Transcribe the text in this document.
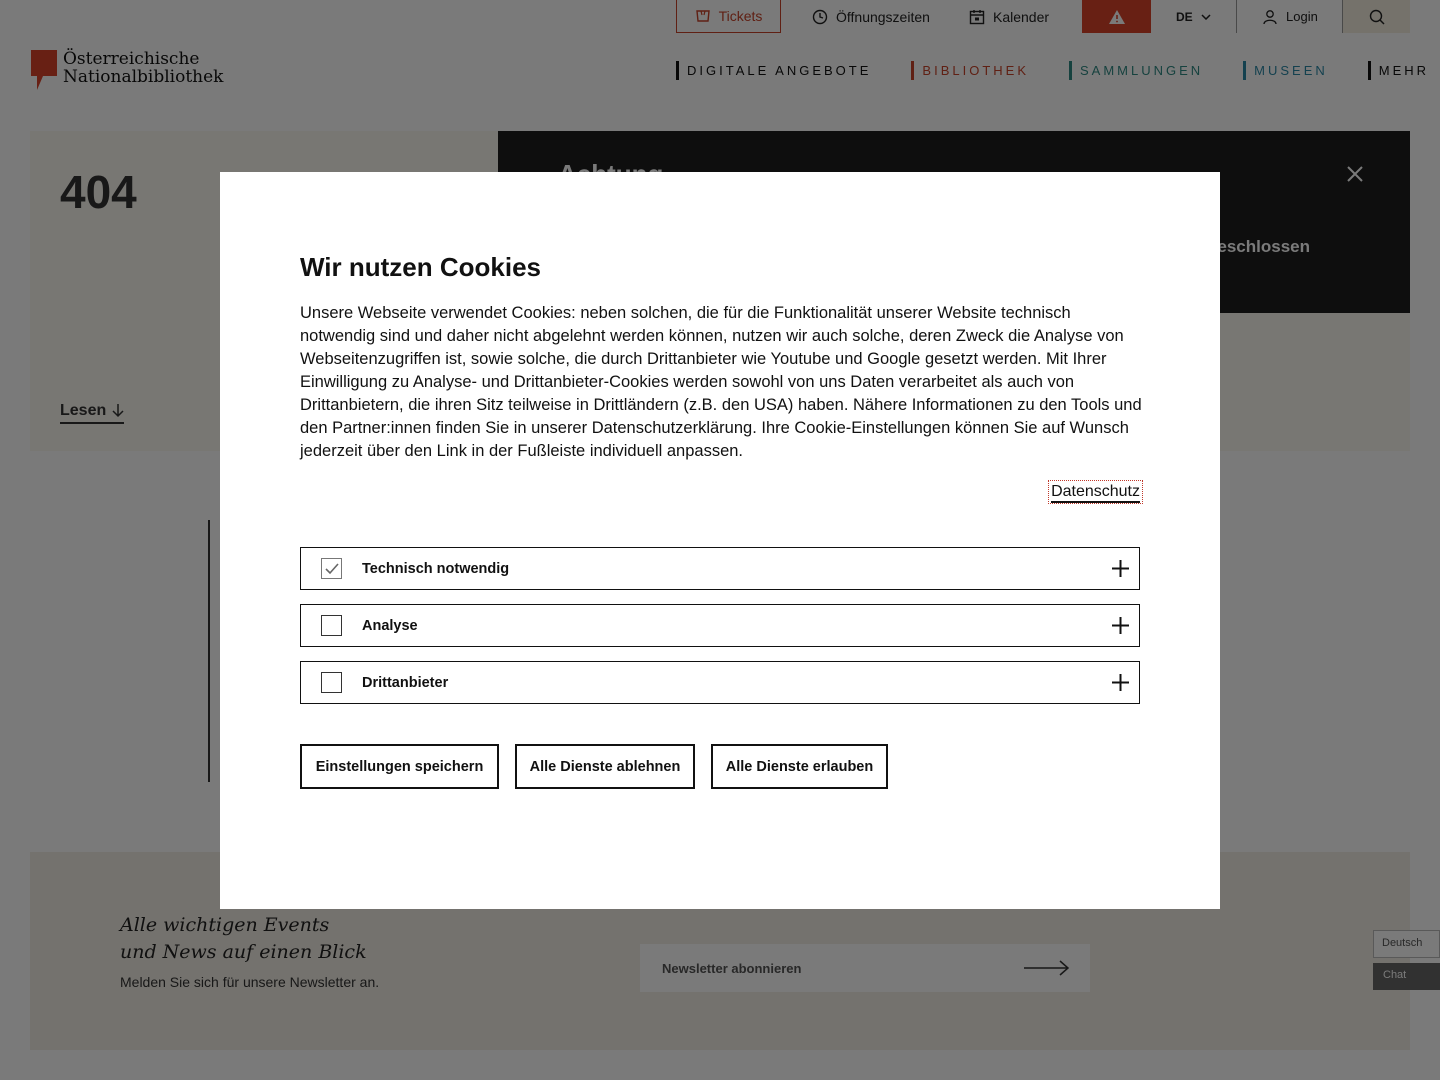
Wir nutzen Cookies

Unsere Webseite verwendet Cookies: neben solchen, die für die Funktionalität unserer Website technisch notwendig sind und daher nicht abgelehnt werden können, nutzen wir auch solche, deren Zweck die Analyse von Webseitenzugriffen ist, sowie solche, die durch Drittanbieter wie Youtube und Google gesetzt werden. Mit Ihrer Einwilligung zu Analyse- und Drittanbieter-Cookies werden sowohl von uns Daten verarbeitet als auch von Drittanbietern, die ihren Sitz teilweise in Drittländern (z.B. den USA) haben. Nähere Informationen zu den Tools und den Partner:innen finden Sie in unserer Datenschutzerklärung. Ihre Cookie-Einstellungen können Sie auf Wunsch jederzeit über den Link in der Fußleiste individuell anpassen.

Datenschutz
Technisch notwendig
Analyse
Drittanbieter
Einstellungen speichern	Alle Dienste ablehnen	Alle Dienste erlauben
